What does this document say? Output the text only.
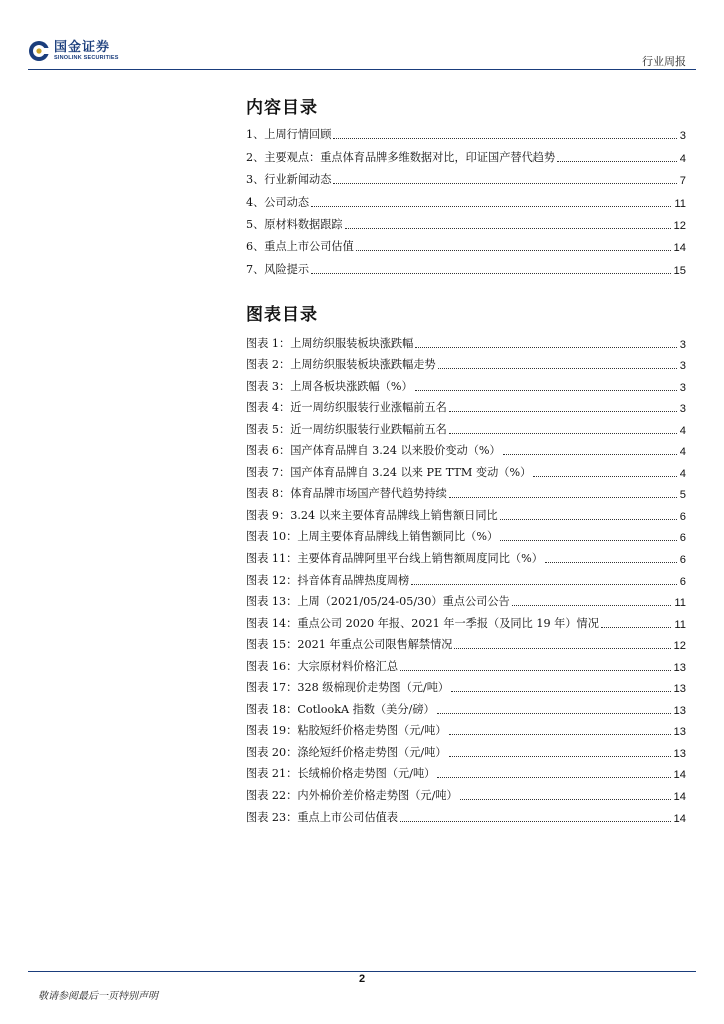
国金证券
SINOLINK SECURITIES	行业周报
内容目录
1、上周行情回顾	3
2、主要观点：重点体育品牌多维数据对比，印证国产替代趋势	4
3、行业新闻动态	7
4、公司动态	11
5、原材料数据跟踪	12
6、重点上市公司估值	14
7、风险提示	15
图表目录
图表 1：上周纺织服装板块涨跌幅	3
图表 2：上周纺织服装板块涨跌幅走势	3
图表 3：上周各板块涨跌幅（%）	3
图表 4：近一周纺织服装行业涨幅前五名	3
图表 5：近一周纺织服装行业跌幅前五名	4
图表 6：国产体育品牌自 3.24 以来股价变动（%）	4
图表 7：国产体育品牌自 3.24 以来 PE TTM 变动（%）	4
图表 8：体育品牌市场国产替代趋势持续	5
图表 9：3.24 以来主要体育品牌线上销售额日同比	6
图表 10：上周主要体育品牌线上销售额同比（%）	6
图表 11：主要体育品牌阿里平台线上销售额周度同比（%）	6
图表 12：抖音体育品牌热度周榜	6
图表 13：上周（2021/05/24-05/30）重点公司公告	11
图表 14：重点公司 2020 年报、2021 年一季报（及同比 19 年）情况	11
图表 15：2021 年重点公司限售解禁情况	12
图表 16：大宗原材料价格汇总	13
图表 17：328 级棉现价走势图（元/吨）	13
图表 18：CotlookA 指数（美分/磅）	13
图表 19：粘胶短纤价格走势图（元/吨）	13
图表 20：涤纶短纤价格走势图（元/吨）	13
图表 21：长绒棉价格走势图（元/吨）	14
图表 22：内外棉价差价格走势图（元/吨）	14
图表 23：重点上市公司估值表	14
2
敬请参阅最后一页特别声明
